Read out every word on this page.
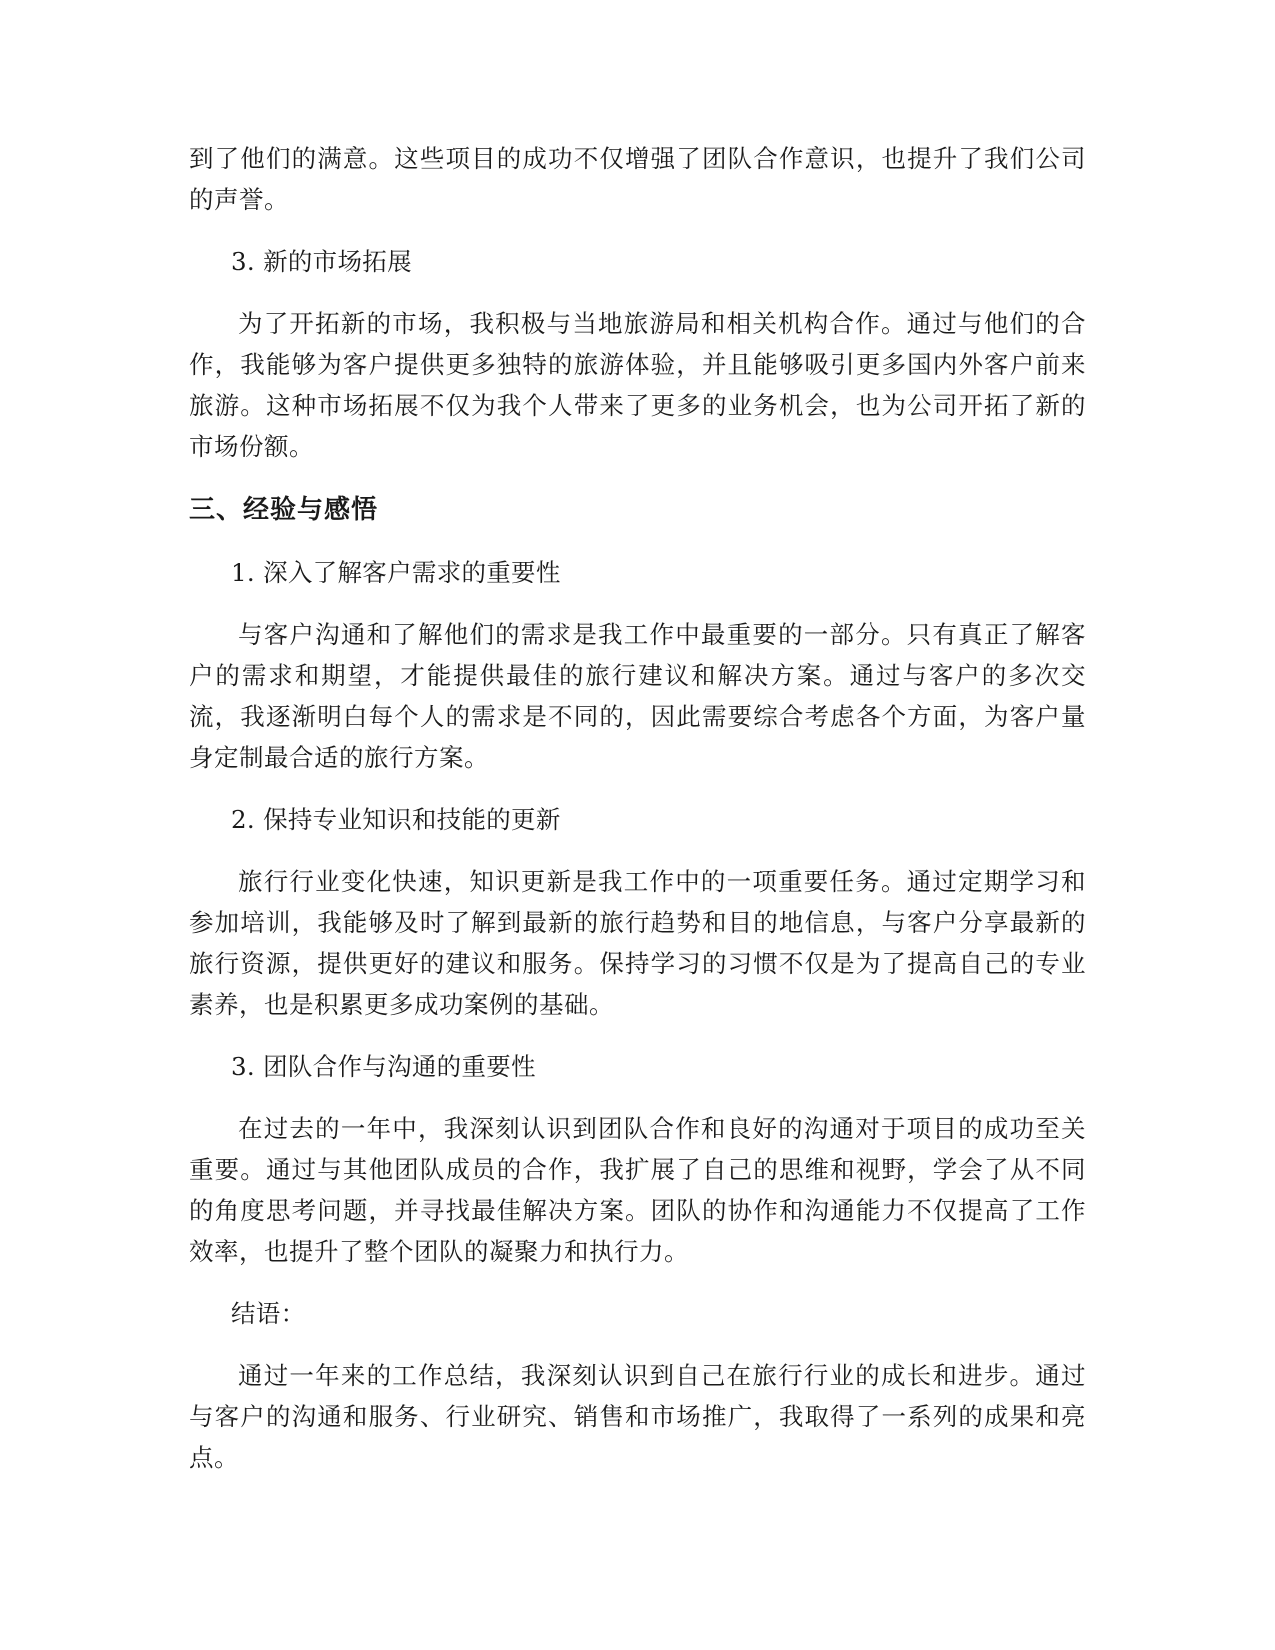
到了他们的满意。这些项目的成功不仅增强了团队合作意识，也提升了我们公司的声誉。

3. 新的市场拓展

为了开拓新的市场，我积极与当地旅游局和相关机构合作。通过与他们的合作，我能够为客户提供更多独特的旅游体验，并且能够吸引更多国内外客户前来旅游。这种市场拓展不仅为我个人带来了更多的业务机会，也为公司开拓了新的市场份额。

三、经验与感悟

1. 深入了解客户需求的重要性

与客户沟通和了解他们的需求是我工作中最重要的一部分。只有真正了解客户的需求和期望，才能提供最佳的旅行建议和解决方案。通过与客户的多次交流，我逐渐明白每个人的需求是不同的，因此需要综合考虑各个方面，为客户量身定制最合适的旅行方案。

2. 保持专业知识和技能的更新

旅行行业变化快速，知识更新是我工作中的一项重要任务。通过定期学习和参加培训，我能够及时了解到最新的旅行趋势和目的地信息，与客户分享最新的旅行资源，提供更好的建议和服务。保持学习的习惯不仅是为了提高自己的专业素养，也是积累更多成功案例的基础。

3. 团队合作与沟通的重要性

在过去的一年中，我深刻认识到团队合作和良好的沟通对于项目的成功至关重要。通过与其他团队成员的合作，我扩展了自己的思维和视野，学会了从不同的角度思考问题，并寻找最佳解决方案。团队的协作和沟通能力不仅提高了工作效率，也提升了整个团队的凝聚力和执行力。

结语：

通过一年来的工作总结，我深刻认识到自己在旅行行业的成长和进步。通过与客户的沟通和服务、行业研究、销售和市场推广，我取得了一系列的成果和亮点。
